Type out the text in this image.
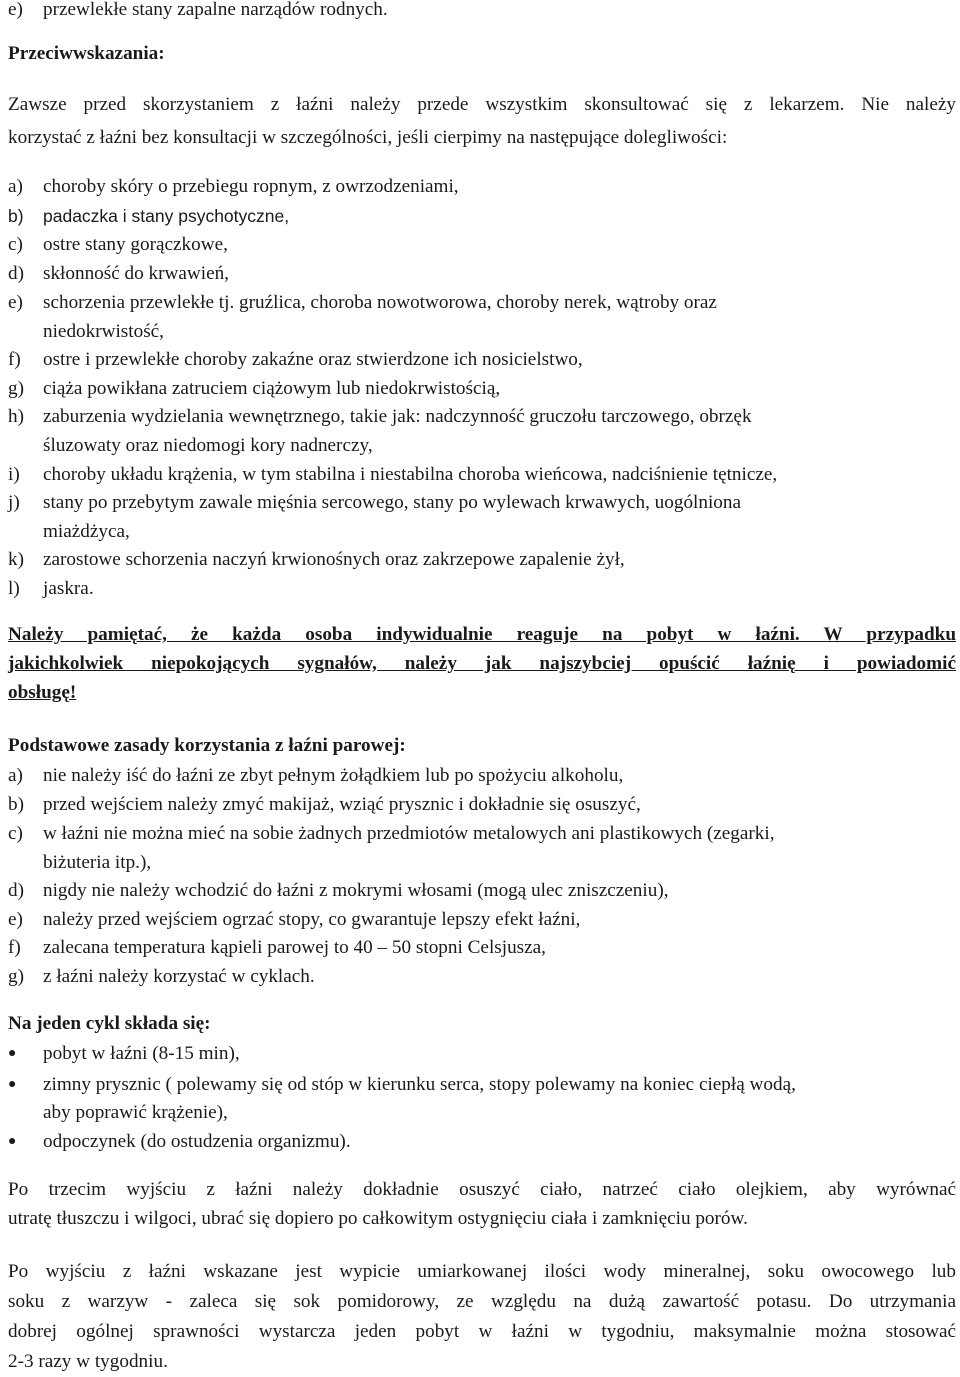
e) przewlekłe stany zapalne narządów rodnych.
Przeciwwskazania:
Zawsze przed skorzystaniem z łaźni należy przede wszystkim skonsultować się z lekarzem. Nie należy
korzystać z łaźni bez konsultacji w szczególności, jeśli cierpimy na następujące dolegliwości:
a) choroby skóry o przebiegu ropnym, z owrzodzeniami,
b) padaczka i stany psychotyczne,
c) ostre stany gorączkowe,
d) skłonność do krwawień,
e) schorzenia przewlekłe tj. gruźlica, choroba nowotworowa, choroby nerek, wątroby oraz
niedokrwistość,
f) ostre i przewlekłe choroby zakaźne oraz stwierdzone ich nosicielstwo,
g) ciąża powikłana zatruciem ciążowym lub niedokrwistością,
h) zaburzenia wydzielania wewnętrznego, takie jak: nadczynność gruczołu tarczowego, obrzęk
śluzowaty oraz niedomogi kory nadnerczy,
i) choroby układu krążenia, w tym stabilna i niestabilna choroba wieńcowa, nadciśnienie tętnicze,
j) stany po przebytym zawale mięśnia sercowego, stany po wylewach krwawych, uogólniona
miażdżyca,
k) zarostowe schorzenia naczyń krwionośnych oraz zakrzepowe zapalenie żył,
l) jaskra.
Należy pamiętać, że każda osoba indywidualnie reaguje na pobyt w łaźni. W przypadku
jakichkolwiek niepokojących sygnałów, należy jak najszybciej opuścić łaźnię i powiadomić
obsługę!
Podstawowe zasady korzystania z łaźni parowej:
a) nie należy iść do łaźni ze zbyt pełnym żołądkiem lub po spożyciu alkoholu,
b) przed wejściem należy zmyć makijaż, wziąć prysznic i dokładnie się osuszyć,
c) w łaźni nie można mieć na sobie żadnych przedmiotów metalowych ani plastikowych (zegarki,
biżuteria itp.),
d) nigdy nie należy wchodzić do łaźni z mokrymi włosami (mogą ulec zniszczeniu),
e) należy przed wejściem ogrzać stopy, co gwarantuje lepszy efekt łaźni,
f) zalecana temperatura kąpieli parowej to 40 – 50 stopni Celsjusza,
g) z łaźni należy korzystać w cyklach.
Na jeden cykl składa się:
● pobyt w łaźni (8-15 min),
● zimny prysznic ( polewamy się od stóp w kierunku serca, stopy polewamy na koniec ciepłą wodą,
aby poprawić krążenie),
● odpoczynek (do ostudzenia organizmu).
Po trzecim wyjściu z łaźni należy dokładnie osuszyć ciało, natrzeć ciało olejkiem, aby wyrównać
utratę tłuszczu i wilgoci, ubrać się dopiero po całkowitym ostygnięciu ciała i zamknięciu porów.
Po wyjściu z łaźni wskazane jest wypicie umiarkowanej ilości wody mineralnej, soku owocowego lub
soku z warzyw - zaleca się sok pomidorowy, ze względu na dużą zawartość potasu. Do utrzymania
dobrej ogólnej sprawności wystarcza jeden pobyt w łaźni w tygodniu, maksymalnie można stosować
2-3 razy w tygodniu.
